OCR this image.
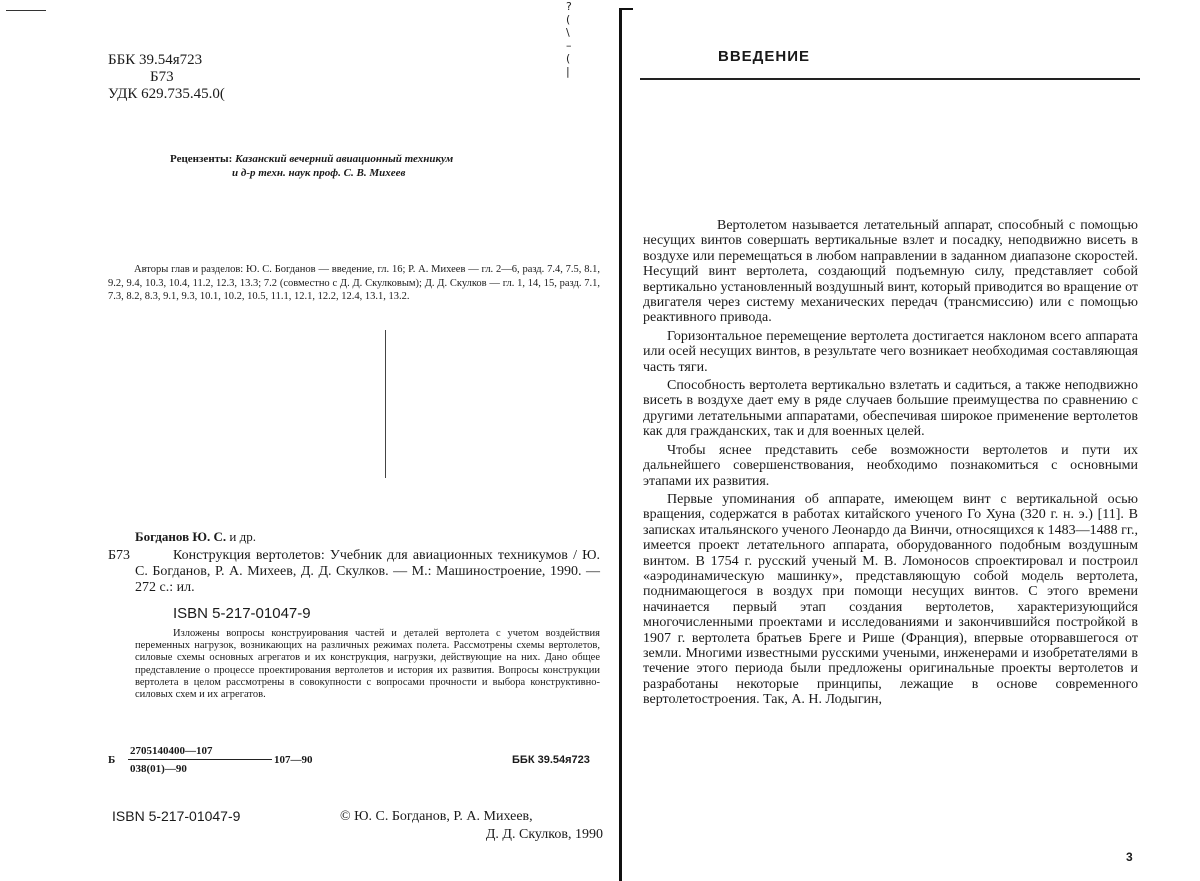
?
(
\
–
(
|
ББК 39.54я723
Б73
УДК 629.735.45.0(
Рецензенты: Казанский вечерний авиационный техникум
и д-р техн. наук проф. С. В. Михеев
Авторы глав и разделов: Ю. С. Богданов — введение, гл. 16; Р. А. Михеев — гл. 2—6, разд. 7.4, 7.5, 8.1, 9.2, 9.4, 10.3, 10.4, 11.2, 12.3, 13.3; 7.2 (совместно с Д. Д. Скулковым); Д. Д. Скулков — гл. 1, 14, 15, разд. 7.1, 7.3, 8.2, 8.3, 9.1, 9.3, 10.1, 10.2, 10.5, 11.1, 12.1, 12.2, 12.4, 13.1, 13.2.
Богданов Ю. С. и др.
Б73	Конструкция вертолетов: Учебник для авиационных техникумов / Ю. С. Богданов, Р. А. Михеев, Д. Д. Скулков. — М.: Машиностроение, 1990. — 272 с.: ил.
ISBN 5-217-01047-9
Изложены вопросы конструирования частей и деталей вертолета с учетом воздействия переменных нагрузок, возникающих на различных режимах полета. Рассмотрены схемы вертолетов, силовые схемы основных агрегатов и их конструкция, нагрузки, действующие на них. Дано общее представление о процессе проектирования вертолетов и история их развития. Вопросы конструкции вертолета в целом рассмотрены в совокупности с вопросами прочности и выбора конструктивно-силовых схем и их агрегатов.
Б
2705140400—107
038(01)—90
107—90	ББК 39.54я723
ISBN 5-217-01047-9	© Ю. С. Богданов, Р. А. Михеев,
Д. Д. Скулков, 1990
ВВЕДЕНИЕ

Вертолетом называется летательный аппарат, способный с помощью несущих винтов совершать вертикальные взлет и посадку, неподвижно висеть в воздухе или перемещаться в любом направлении в заданном диапазоне скоростей. Несущий винт вертолета, создающий подъемную силу, представляет собой вертикально установленный воздушный винт, который приводится во вращение от двигателя через систему механических передач (трансмиссию) или с помощью реактивного привода.

Горизонтальное перемещение вертолета достигается наклоном всего аппарата или осей несущих винтов, в результате чего возникает необходимая составляющая часть тяги.

Способность вертолета вертикально взлетать и садиться, а также неподвижно висеть в воздухе дает ему в ряде случаев большие преимущества по сравнению с другими летательными аппаратами, обеспечивая широкое применение вертолетов как для гражданских, так и для военных целей.

Чтобы яснее представить себе возможности вертолетов и пути их дальнейшего совершенствования, необходимо познакомиться с основными этапами их развития.

Первые упоминания об аппарате, имеющем винт с вертикальной осью вращения, содержатся в работах китайского ученого Го Хуна (320 г. н. э.) [11]. В записках итальянского ученого Леонардо да Винчи, относящихся к 1483—1488 гг., имеется проект летательного аппарата, оборудованного подобным воздушным винтом. В 1754 г. русский ученый М. В. Ломоносов спроектировал и построил «аэродинамическую машинку», представляющую собой модель вертолета, поднимающегося в воздух при помощи несущих винтов. С этого времени начинается первый этап создания вертолетов, характеризующийся многочисленными проектами и исследованиями и закончившийся постройкой в 1907 г. вертолета братьев Бреге и Рише (Франция), впервые оторвавшегося от земли. Многими известными русскими учеными, инженерами и изобретателями в течение этого периода были предложены оригинальные проекты вертолетов и разработаны некоторые принципы, лежащие в основе современного вертолетостроения. Так, А. Н. Лодыгин,

3
